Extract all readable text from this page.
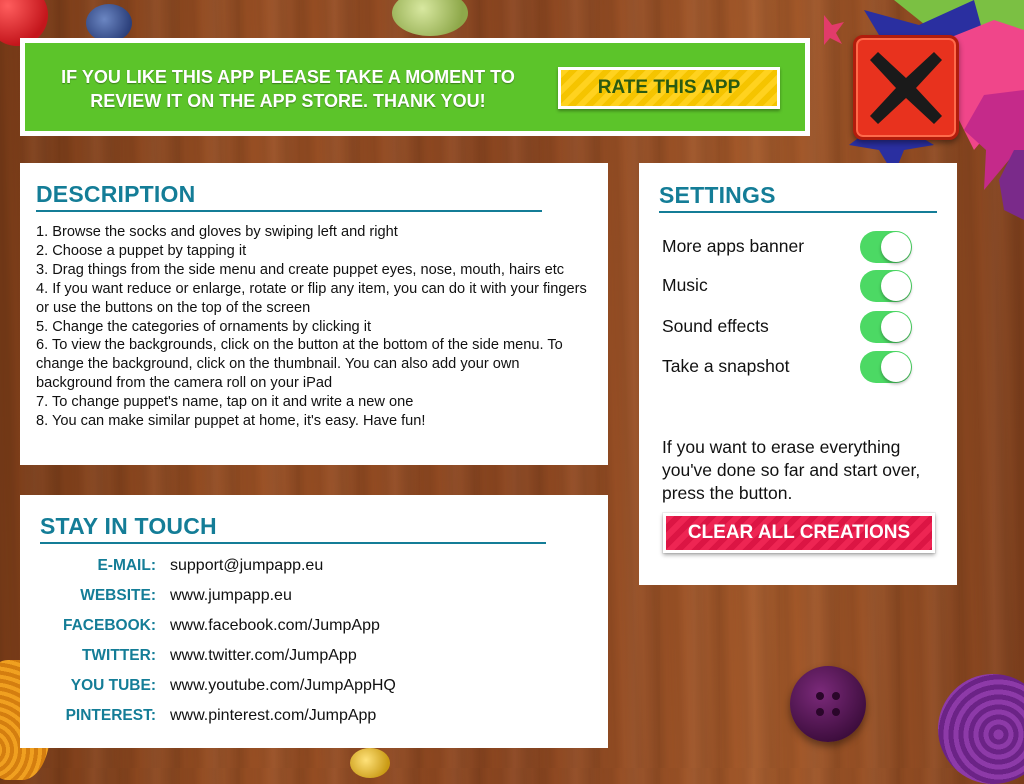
IF YOU LIKE THIS APP PLEASE TAKE A MOMENT TO REVIEW IT ON THE APP STORE. THANK YOU!
RATE THIS APP
DESCRIPTION
1. Browse the socks and gloves by swiping left and right
2. Choose a puppet by tapping it
3. Drag things from the side menu and create puppet eyes, nose, mouth, hairs etc
4. If you want reduce or enlarge, rotate or flip any item, you can do it with your fingers or use the buttons on the top of the screen
5. Change the categories of ornaments by clicking it
6. To view the backgrounds, click on the button at the bottom of the side menu. To change the background, click on the thumbnail. You can also add your own background from the camera roll on your iPad
7. To change puppet's name, tap on it and write a new one
8. You can make similar puppet at home, it's easy. Have fun!
STAY IN TOUCH
E-MAIL: support@jumpapp.eu
WEBSITE: www.jumpapp.eu
FACEBOOK: www.facebook.com/JumpApp
TWITTER: www.twitter.com/JumpApp
YOU TUBE: www.youtube.com/JumpAppHQ
PINTEREST: www.pinterest.com/JumpApp
SETTINGS
More apps banner
Music
Sound effects
Take a snapshot
If you want to erase everything you've done so far and start over, press the button.
CLEAR ALL CREATIONS
